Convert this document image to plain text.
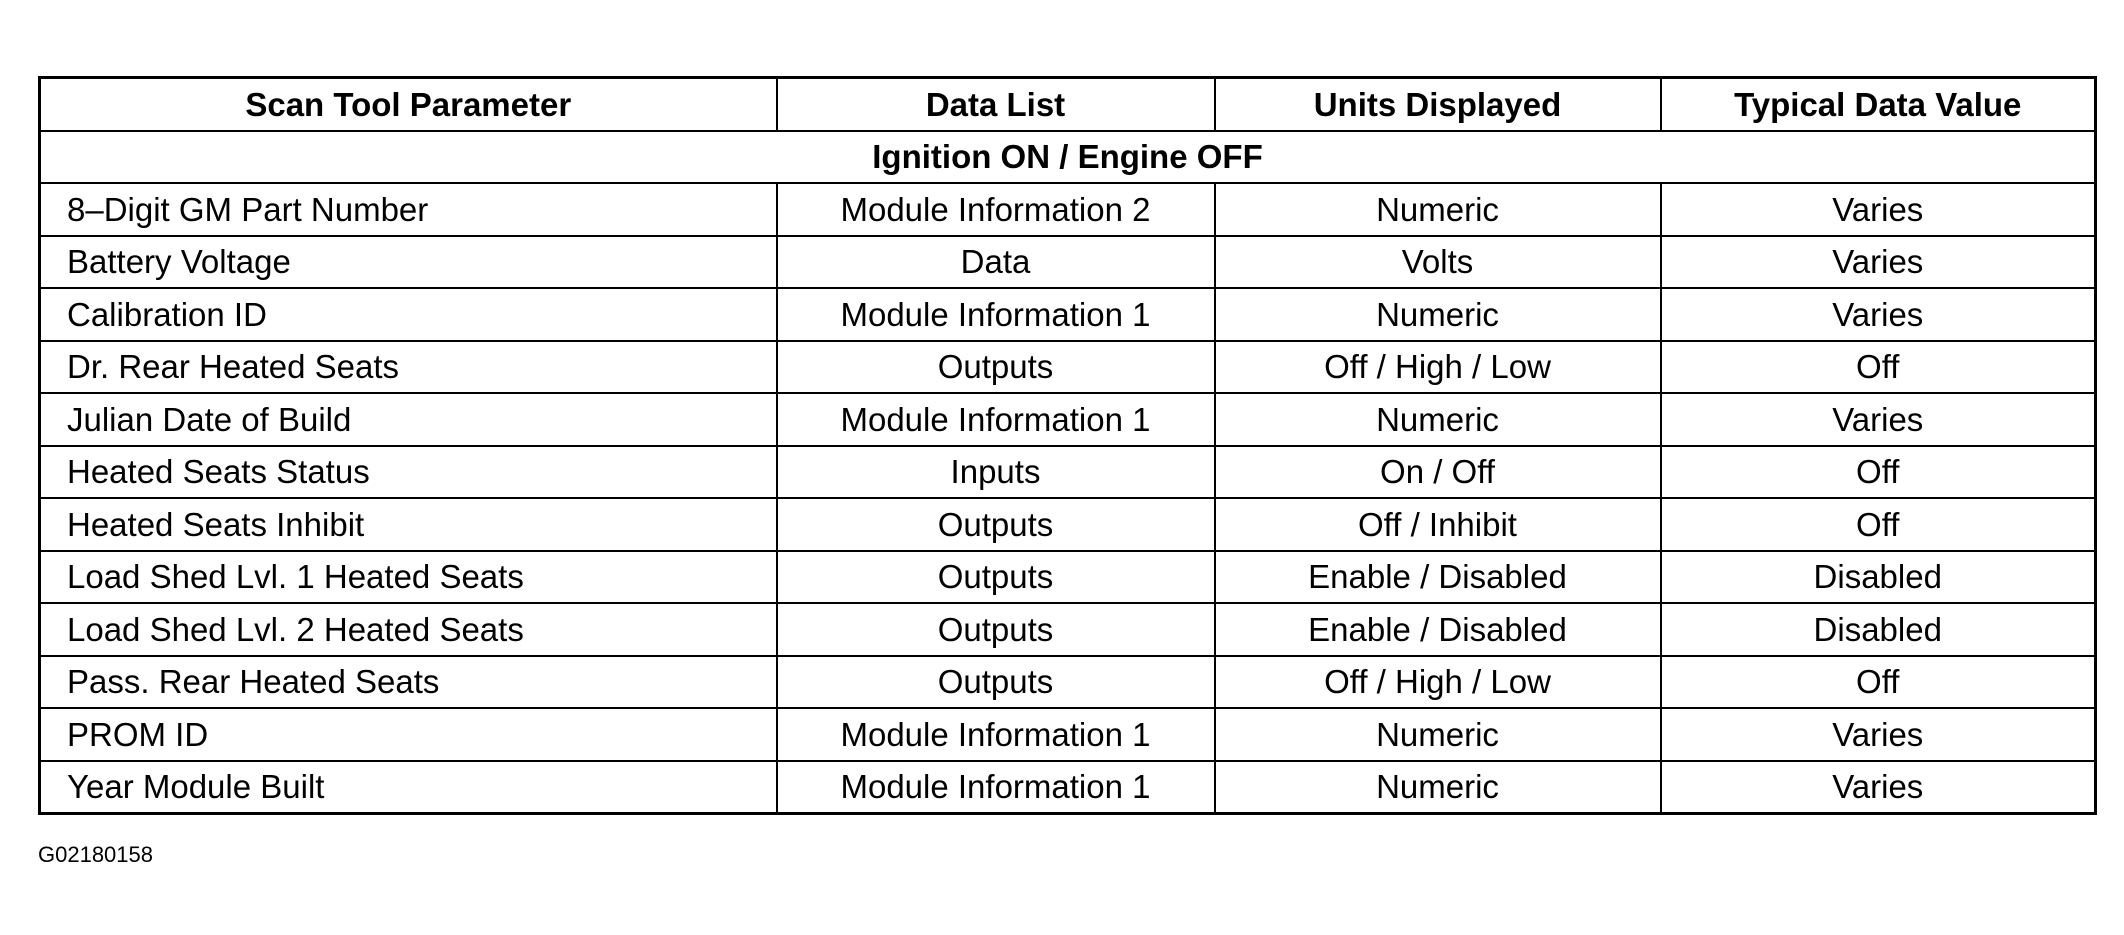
Scan Tool Parameter	Data List	Units Displayed	Typical Data Value
Ignition ON / Engine OFF			
8–Digit GM Part Number	Module Information 2	Numeric	Varies
Battery Voltage	Data	Volts	Varies
Calibration ID	Module Information 1	Numeric	Varies
Dr. Rear Heated Seats	Outputs	Off / High / Low	Off
Julian Date of Build	Module Information 1	Numeric	Varies
Heated Seats Status	Inputs	On / Off	Off
Heated Seats Inhibit	Outputs	Off / Inhibit	Off
Load Shed Lvl. 1 Heated Seats	Outputs	Enable / Disabled	Disabled
Load Shed Lvl. 2 Heated Seats	Outputs	Enable / Disabled	Disabled
Pass. Rear Heated Seats	Outputs	Off / High / Low	Off
PROM ID	Module Information 1	Numeric	Varies
Year Module Built	Module Information 1	Numeric	Varies
G02180158
